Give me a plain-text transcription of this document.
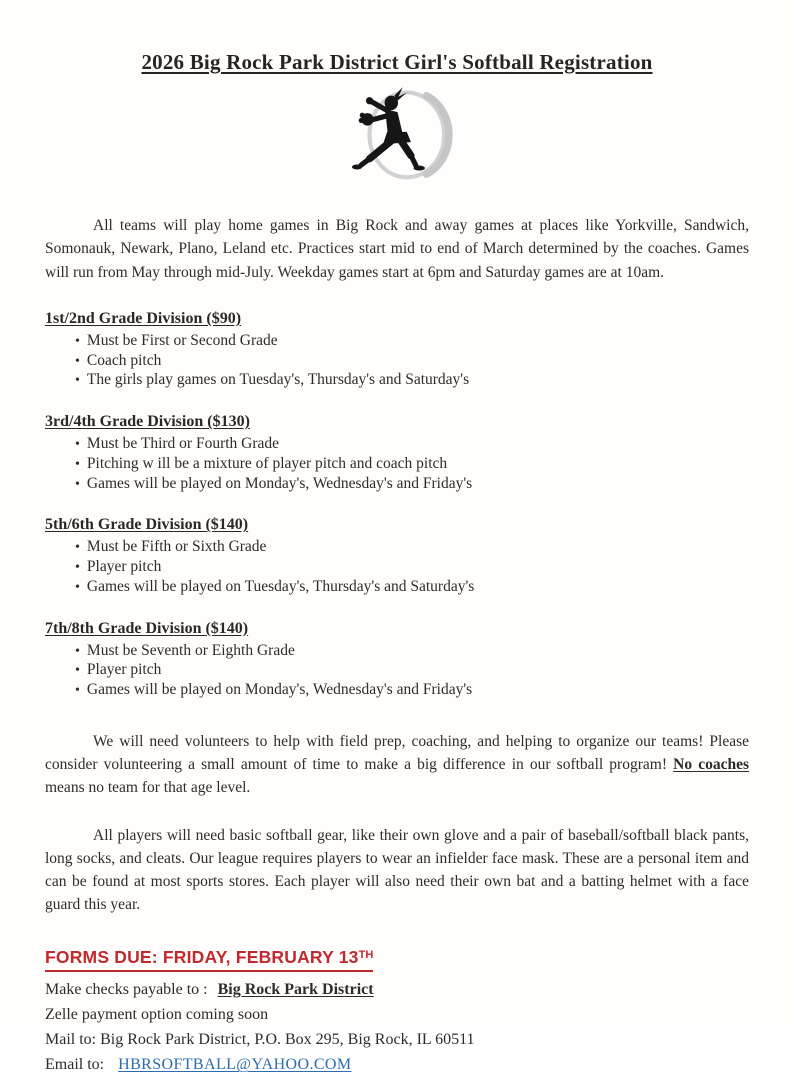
2026 Big Rock Park District Girl's Softball Registration

All teams will play home games in Big Rock and away games at places like Yorkville, Sandwich, Somonauk, Newark, Plano, Leland etc. Practices start mid to end of March determined by the coaches. Games will run from May through mid-July. Weekday games start at 6pm and Saturday games are at 10am.

1st/2nd Grade Division ($90)
• Must be First or Second Grade
• Coach pitch
• The girls play games on Tuesday's, Thursday's and Saturday's
3rd/4th Grade Division ($130)
• Must be Third or Fourth Grade
• Pitching w ill be a mixture of player pitch and coach pitch
• Games will be played on Monday's, Wednesday's and Friday's
5th/6th Grade Division ($140)
• Must be Fifth or Sixth Grade
• Player pitch
• Games will be played on Tuesday's, Thursday's and Saturday's
7th/8th Grade Division ($140)
• Must be Seventh or Eighth Grade
• Player pitch
• Games will be played on Monday's, Wednesday's and Friday's

We will need volunteers to help with field prep, coaching, and helping to organize our teams! Please consider volunteering a small amount of time to make a big difference in our softball program! No coaches means no team for that age level.

All players will need basic softball gear, like their own glove and a pair of baseball/softball black pants, long socks, and cleats. Our league requires players to wear an infielder face mask. These are a personal item and can be found at most sports stores. Each player will also need their own bat and a batting helmet with a face guard this year.

FORMS DUE: FRIDAY, FEBRUARY 13TH
Make checks payable to : Big Rock Park District
Zelle payment option coming soon
Mail to: Big Rock Park District, P.O. Box 295, Big Rock, IL 60511
Email to: HBRSOFTBALL@YAHOO.COM
